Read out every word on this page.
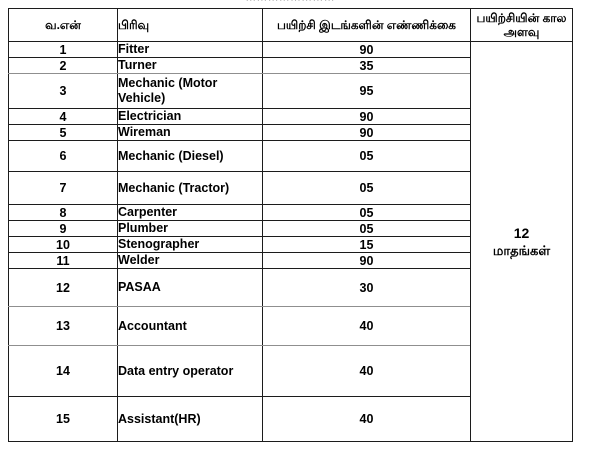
வ.என்	பிரிவு	பயிற்சி இடங்களின் எண்ணிக்கை	பயிற்சியின் கால அளவு
1	Fitter	90	12
மாதங்கள்

2	Turner	35	
3	Mechanic (Motor Vehicle)	95	
4	Electrician	90	
5	Wireman	90	
6	Mechanic (Diesel)	05	
7	Mechanic (Tractor)	05	
8	Carpenter	05	
9	Plumber	05	
10	Stenographer	15	
11	Welder	90	
12	PASAA	30	
13	Accountant	40	
14	Data entry operator	40	
15	Assistant(HR)	40	
